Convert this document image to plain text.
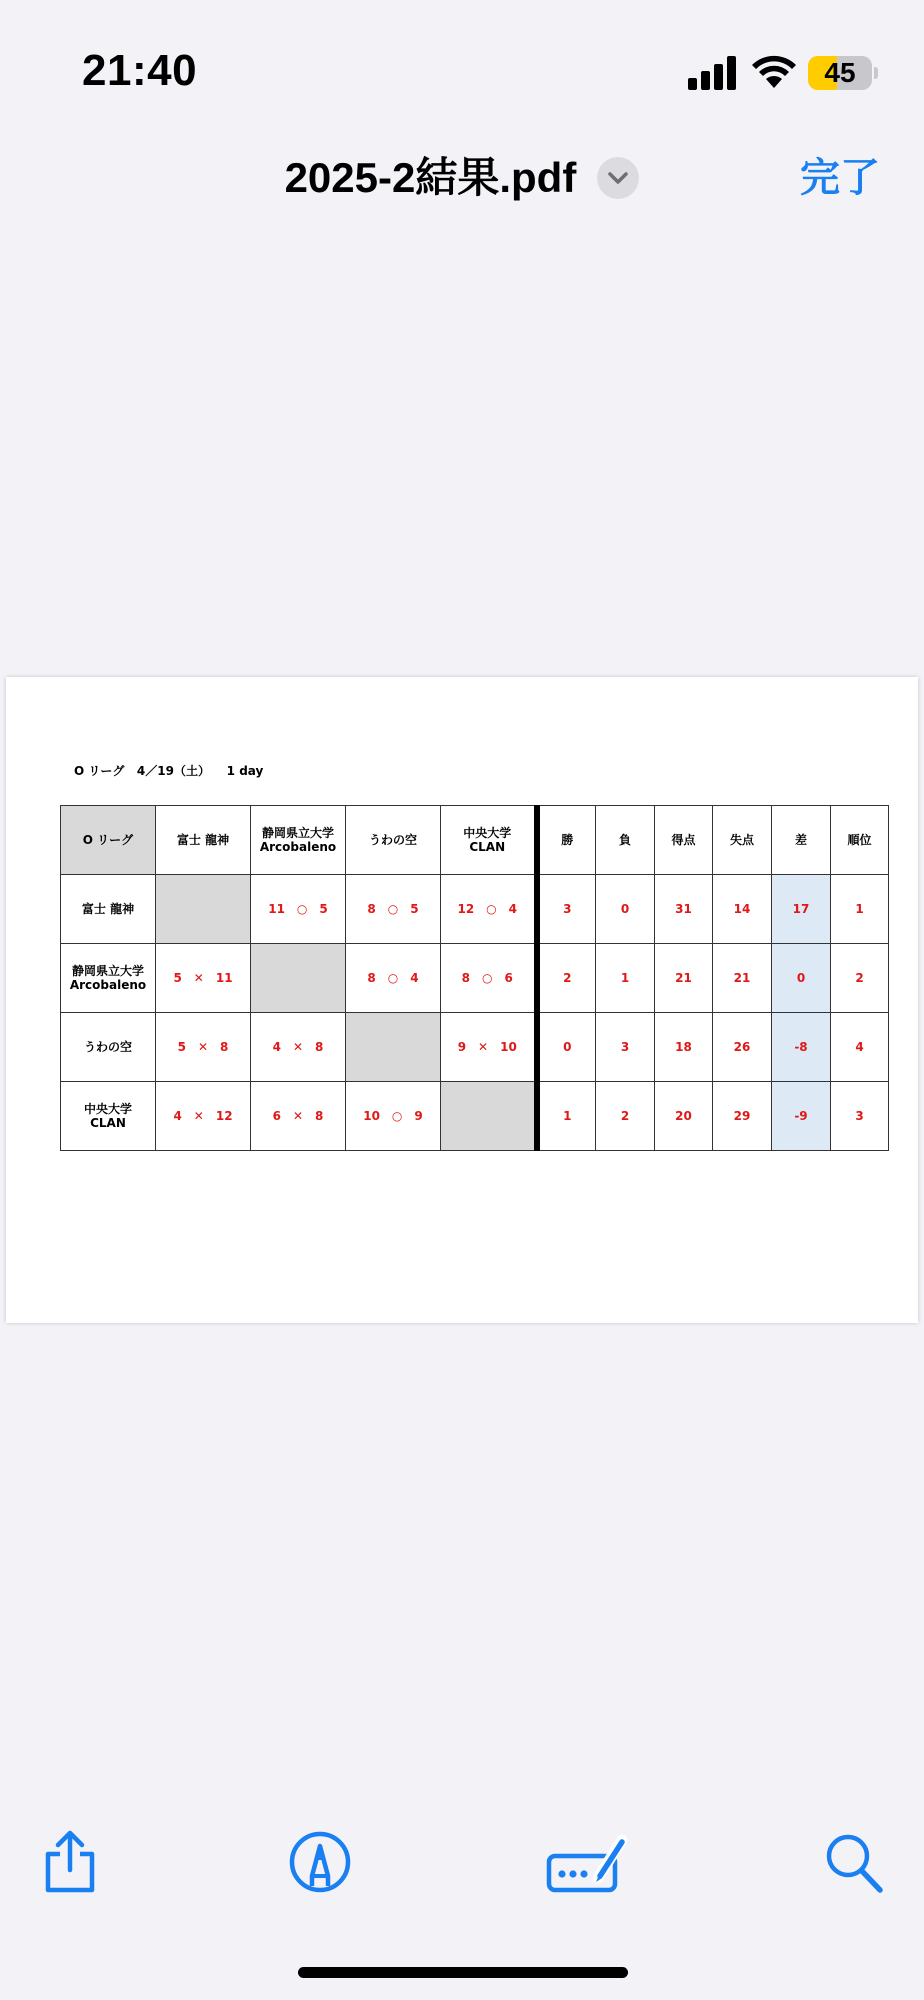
21:40	45
2025-2結果.pdf	完了
O リーグ   4／19（土）    1 day
O リーグ	富士 龍神	静岡県立大学
Arcobaleno	うわの空	中央大学
CLAN	勝	負	得点	失点	差	順位
富士 龍神		11　○　5	8　○　5	12　○　4	3	0	31	14	17	1
静岡県立大学
Arcobaleno	5　✕　11		8　○　4	8　○　6	2	1	21	21	0	2
うわの空	5　✕　8	4　✕　8		9　✕　10	0	3	18	26	-8	4
中央大学
CLAN	4　✕　12	6　✕　8	10　○　9		1	2	20	29	-9	3
